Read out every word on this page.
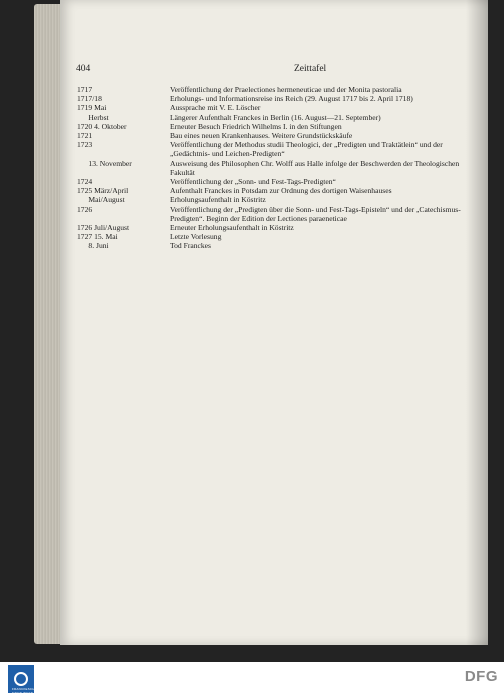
404	Zeittafel
1717	Veröffentlichung der Praelectiones hermeneuticae und der Monita pastoralia
1717/18	Erholungs- und Informationsreise ins Reich (29. August 1717 bis 2. April 1718)
1719 Mai	Aussprache mit V. E. Löscher
Herbst	Längerer Aufenthalt Franckes in Berlin (16. August—21. September)
1720 4. Oktober	Erneuter Besuch Friedrich Wilhelms I. in den Stiftungen
1721	Bau eines neuen Krankenhauses. Weitere Grundstückskäufe
1723	Veröffentlichung der Methodus studii Theologici, der „Predigten und Traktätlein“ und der „Gedächtnis- und Leichen-Predigten“
13. November	Ausweisung des Philosophen Chr. Wolff aus Halle infolge der Beschwerden der Theologischen Fakultät
1724	Veröffentlichung der „Sonn- und Fest-Tags-Predigten“
1725 März/April	Aufenthalt Franckes in Potsdam zur Ordnung des dortigen Waisenhauses
Mai/August	Erholungsaufenthalt in Köstritz
1726	Veröffentlichung der „Predigten über die Sonn- und Fest-Tags-Episteln“ und der „Catechismus-Predigten“. Beginn der Edition der Lectiones paraeneticae
1726 Juli/August	Erneuter Erholungsaufenthalt in Köstritz
1727 15. Mai	Letzte Vorlesung
8. Juni	Tod Franckes
FRANCKESCHE STIFTUNGEN
DFG
